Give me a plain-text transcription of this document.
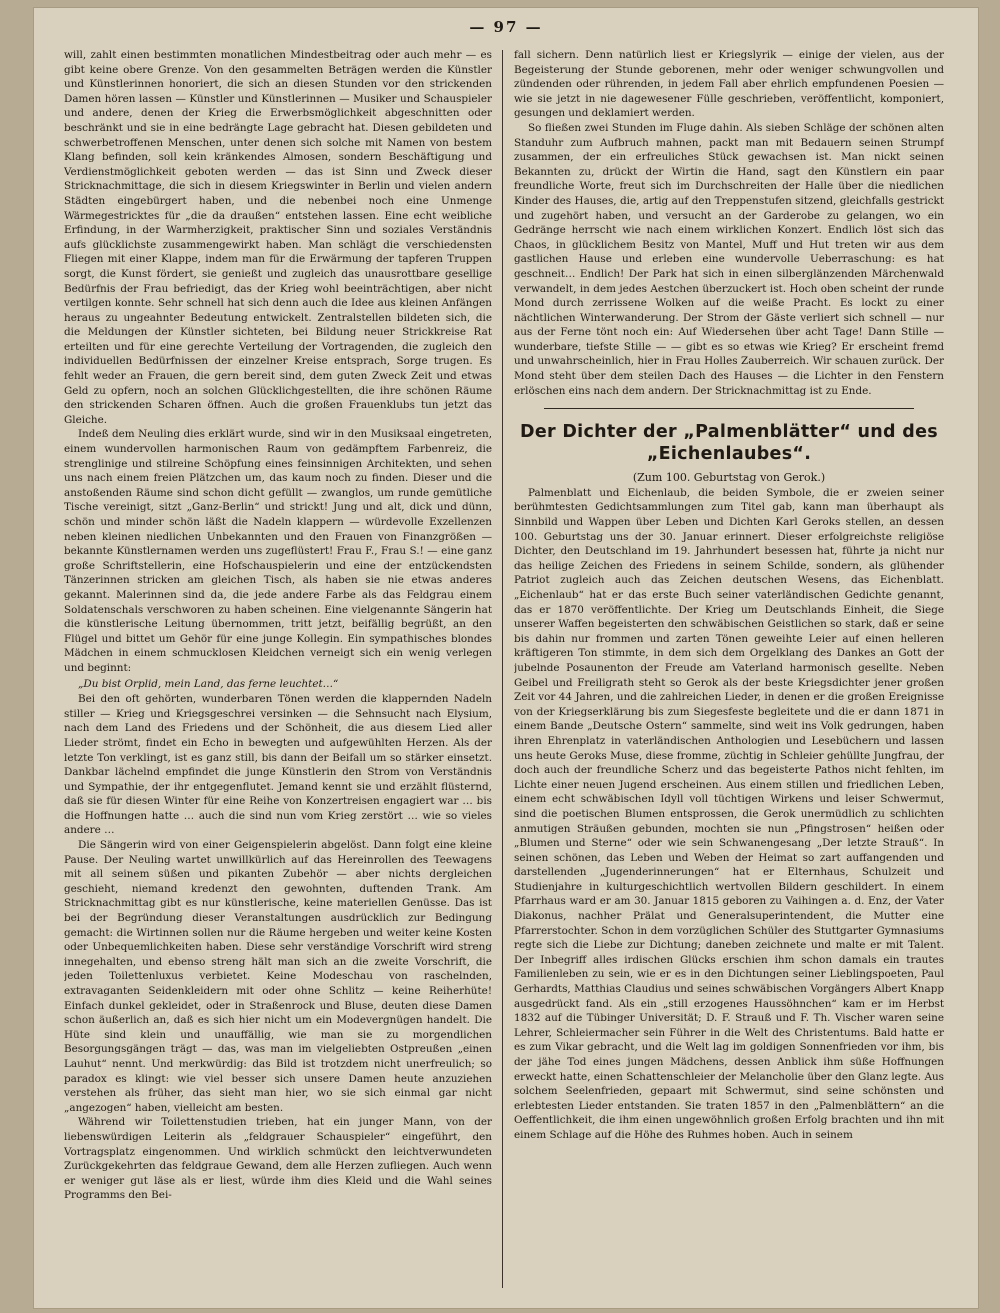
— 97 —

will, zahlt einen bestimmten monatlichen Mindestbeitrag oder auch mehr — es gibt keine obere Grenze. Von den gesammelten Beträgen werden die Künstler und Künstlerinnen honoriert, die sich an diesen Stunden vor den strickenden Damen hören lassen — Künstler und Künstlerinnen — Musiker und Schauspieler und andere, denen der Krieg die Erwerbsmöglichkeit abgeschnitten oder beschränkt und sie in eine bedrängte Lage gebracht hat. Diesen gebildeten und schwerbetroffenen Menschen, unter denen sich solche mit Namen von bestem Klang befinden, soll kein kränkendes Almosen, sondern Beschäftigung und Verdienstmöglichkeit geboten werden — das ist Sinn und Zweck dieser Stricknachmittage, die sich in diesem Kriegswinter in Berlin und vielen andern Städten eingebürgert haben, und die nebenbei noch eine Unmenge Wärmegestricktes für „die da draußen“ entstehen lassen. Eine echt weibliche Erfindung, in der Warmherzigkeit, praktischer Sinn und soziales Verständnis aufs glücklichste zusammengewirkt haben. Man schlägt die verschiedensten Fliegen mit einer Klappe, indem man für die Erwärmung der tapferen Truppen sorgt, die Kunst fördert, sie genießt und zugleich das unausrottbare gesellige Bedürfnis der Frau befriedigt, das der Krieg wohl beeinträchtigen, aber nicht vertilgen konnte. Sehr schnell hat sich denn auch die Idee aus kleinen Anfängen heraus zu ungeahnter Bedeutung entwickelt. Zentralstellen bildeten sich, die die Meldungen der Künstler sichteten, bei Bildung neuer Strickkreise Rat erteilten und für eine gerechte Verteilung der Vortragenden, die zugleich den individuellen Bedürfnissen der einzelner Kreise entsprach, Sorge trugen. Es fehlt weder an Frauen, die gern bereit sind, dem guten Zweck Zeit und etwas Geld zu opfern, noch an solchen Glücklichgestellten, die ihre schönen Räume den strickenden Scharen öffnen. Auch die großen Frauenklubs tun jetzt das Gleiche.

Indeß dem Neuling dies erklärt wurde, sind wir in den Musiksaal eingetreten, einem wundervollen harmonischen Raum von gedämpftem Farbenreiz, die strenglinige und stilreine Schöpfung eines feinsinnigen Architekten, und sehen uns nach einem freien Plätzchen um, das kaum noch zu finden. Dieser und die anstoßenden Räume sind schon dicht gefüllt — zwanglos, um runde gemütliche Tische vereinigt, sitzt „Ganz-Berlin“ und strickt! Jung und alt, dick und dünn, schön und minder schön läßt die Nadeln klappern — würdevolle Exzellenzen neben kleinen niedlichen Unbekannten und den Frauen von Finanzgrößen — bekannte Künstlernamen werden uns zugeflüstert! Frau F., Frau S.! — eine ganz große Schriftstellerin, eine Hofschauspielerin und eine der entzückendsten Tänzerinnen stricken am gleichen Tisch, als haben sie nie etwas anderes gekannt. Malerinnen sind da, die jede andere Farbe als das Feldgrau einem Soldatenschals verschworen zu haben scheinen. Eine vielgenannte Sängerin hat die künstlerische Leitung übernommen, tritt jetzt, beifällig begrüßt, an den Flügel und bittet um Gehör für eine junge Kollegin. Ein sympathisches blondes Mädchen in einem schmucklosen Kleidchen verneigt sich ein wenig verlegen und beginnt:

„Du bist Orplid, mein Land, das ferne leuchtet…“

Bei den oft gehörten, wunderbaren Tönen werden die klappernden Nadeln stiller — Krieg und Kriegsgeschrei versinken — die Sehnsucht nach Elysium, nach dem Land des Friedens und der Schönheit, die aus diesem Lied aller Lieder strömt, findet ein Echo in bewegten und aufgewühlten Herzen. Als der letzte Ton verklingt, ist es ganz still, bis dann der Beifall um so stärker einsetzt. Dankbar lächelnd empfindet die junge Künstlerin den Strom von Verständnis und Sympathie, der ihr entgegenflutet. Jemand kennt sie und erzählt flüsternd, daß sie für diesen Winter für eine Reihe von Konzertreisen engagiert war … bis die Hoffnungen hatte … auch die sind nun vom Krieg zerstört … wie so vieles andere …

Die Sängerin wird von einer Geigenspielerin abgelöst. Dann folgt eine kleine Pause. Der Neuling wartet unwillkürlich auf das Hereinrollen des Teewagens mit all seinem süßen und pikanten Zubehör — aber nichts dergleichen geschieht, niemand kredenzt den gewohnten, duftenden Trank. Am Stricknachmittag gibt es nur künstlerische, keine materiellen Genüsse. Das ist bei der Begründung dieser Veranstaltungen ausdrücklich zur Bedingung gemacht: die Wirtinnen sollen nur die Räume hergeben und weiter keine Kosten oder Unbequemlichkeiten haben. Diese sehr verständige Vorschrift wird streng innegehalten, und ebenso streng hält man sich an die zweite Vorschrift, die jeden Toilettenluxus verbietet. Keine Modeschau von raschelnden, extravaganten Seidenkleidern mit oder ohne Schlitz — keine Reiherhüte! Einfach dunkel gekleidet, oder in Straßenrock und Bluse, deuten diese Damen schon äußerlich an, daß es sich hier nicht um ein Modevergnügen handelt. Die Hüte sind klein und unauffällig, wie man sie zu morgendlichen Besorgungsgängen trägt — das, was man im vielgeliebten Ostpreußen „einen Lauhut“ nennt. Und merkwürdig: das Bild ist trotzdem nicht unerfreulich; so paradox es klingt: wie viel besser sich unsere Damen heute anzuziehen verstehen als früher, das sieht man hier, wo sie sich einmal gar nicht „angezogen“ haben, vielleicht am besten.

Während wir Toilettenstudien trieben, hat ein junger Mann, von der liebenswürdigen Leiterin als „feldgrauer Schauspieler“ eingeführt, den Vortragsplatz eingenommen. Und wirklich schmückt den leichtverwundeten Zurückgekehrten das feldgraue Gewand, dem alle Herzen zufliegen. Auch wenn er weniger gut läse als er liest, würde ihm dies Kleid und die Wahl seines Programms den Bei-

fall sichern. Denn natürlich liest er Kriegslyrik — einige der vielen, aus der Begeisterung der Stunde geborenen, mehr oder weniger schwungvollen und zündenden oder rührenden, in jedem Fall aber ehrlich empfundenen Poesien — wie sie jetzt in nie dagewesener Fülle geschrieben, veröffentlicht, komponiert, gesungen und deklamiert werden.

So fließen zwei Stunden im Fluge dahin. Als sieben Schläge der schönen alten Standuhr zum Aufbruch mahnen, packt man mit Bedauern seinen Strumpf zusammen, der ein erfreuliches Stück gewachsen ist. Man nickt seinen Bekannten zu, drückt der Wirtin die Hand, sagt den Künstlern ein paar freundliche Worte, freut sich im Durchschreiten der Halle über die niedlichen Kinder des Hauses, die, artig auf den Treppenstufen sitzend, gleichfalls gestrickt und zugehört haben, und versucht an der Garderobe zu gelangen, wo ein Gedränge herrscht wie nach einem wirklichen Konzert. Endlich löst sich das Chaos, in glücklichem Besitz von Mantel, Muff und Hut treten wir aus dem gastlichen Hause und erleben eine wundervolle Ueberraschung: es hat geschneit… Endlich! Der Park hat sich in einen silberglänzenden Märchenwald verwandelt, in dem jedes Aestchen überzuckert ist. Hoch oben scheint der runde Mond durch zerrissene Wolken auf die weiße Pracht. Es lockt zu einer nächtlichen Winterwanderung. Der Strom der Gäste verliert sich schnell — nur aus der Ferne tönt noch ein: Auf Wiedersehen über acht Tage! Dann Stille — wunderbare, tiefste Stille — — gibt es so etwas wie Krieg? Er erscheint fremd und unwahrscheinlich, hier in Frau Holles Zauberreich. Wir schauen zurück. Der Mond steht über dem steilen Dach des Hauses — die Lichter in den Fenstern erlöschen eins nach dem andern. Der Stricknachmittag ist zu Ende.

Der Dichter der „Palmenblätter“ und des „Eichenlaubes“.

(Zum 100. Geburtstag von Gerok.)

Palmenblatt und Eichenlaub, die beiden Symbole, die er zweien seiner berühmtesten Gedichtsammlungen zum Titel gab, kann man überhaupt als Sinnbild und Wappen über Leben und Dichten Karl Geroks stellen, an dessen 100. Geburtstag uns der 30. Januar erinnert. Dieser erfolgreichste religiöse Dichter, den Deutschland im 19. Jahrhundert besessen hat, führte ja nicht nur das heilige Zeichen des Friedens in seinem Schilde, sondern, als glühender Patriot zugleich auch das Zeichen deutschen Wesens, das Eichenblatt. „Eichenlaub“ hat er das erste Buch seiner vaterländischen Gedichte genannt, das er 1870 veröffentlichte. Der Krieg um Deutschlands Einheit, die Siege unserer Waffen begeisterten den schwäbischen Geistlichen so stark, daß er seine bis dahin nur frommen und zarten Tönen geweihte Leier auf einen helleren kräftigeren Ton stimmte, in dem sich dem Orgelklang des Dankes an Gott der jubelnde Posaunenton der Freude am Vaterland harmonisch gesellte. Neben Geibel und Freiligrath steht so Gerok als der beste Kriegsdichter jener großen Zeit vor 44 Jahren, und die zahlreichen Lieder, in denen er die großen Ereignisse von der Kriegserklärung bis zum Siegesfeste begleitete und die er dann 1871 in einem Bande „Deutsche Ostern“ sammelte, sind weit ins Volk gedrungen, haben ihren Ehrenplatz in vaterländischen Anthologien und Lesebüchern und lassen uns heute Geroks Muse, diese fromme, züchtig in Schleier gehüllte Jungfrau, der doch auch der freundliche Scherz und das begeisterte Pathos nicht fehlten, im Lichte einer neuen Jugend erscheinen. Aus einem stillen und friedlichen Leben, einem echt schwäbischen Idyll voll tüchtigen Wirkens und leiser Schwermut, sind die poetischen Blumen entsprossen, die Gerok unermüdlich zu schlichten anmutigen Sträußen gebunden, mochten sie nun „Pfingstrosen“ heißen oder „Blumen und Sterne“ oder wie sein Schwanengesang „Der letzte Strauß“. In seinen schönen, das Leben und Weben der Heimat so zart auffangenden und darstellenden „Jugenderinnerungen“ hat er Elternhaus, Schulzeit und Studienjahre in kulturgeschichtlich wertvollen Bildern geschildert. In einem Pfarrhaus ward er am 30. Januar 1815 geboren zu Vaihingen a. d. Enz, der Vater Diakonus, nachher Prälat und Generalsuperintendent, die Mutter eine Pfarrerstochter. Schon in dem vorzüglichen Schüler des Stuttgarter Gymnasiums regte sich die Liebe zur Dichtung; daneben zeichnete und malte er mit Talent. Der Inbegriff alles irdischen Glücks erschien ihm schon damals ein trautes Familienleben zu sein, wie er es in den Dichtungen seiner Lieblingspoeten, Paul Gerhardts, Matthias Claudius und seines schwäbischen Vorgängers Albert Knapp ausgedrückt fand. Als ein „still erzogenes Haussöhnchen“ kam er im Herbst 1832 auf die Tübinger Universität; D. F. Strauß und F. Th. Vischer waren seine Lehrer, Schleiermacher sein Führer in die Welt des Christentums. Bald hatte er es zum Vikar gebracht, und die Welt lag im goldigen Sonnenfrieden vor ihm, bis der jähe Tod eines jungen Mädchens, dessen Anblick ihm süße Hoffnungen erweckt hatte, einen Schattenschleier der Melancholie über den Glanz legte. Aus solchem Seelenfrieden, gepaart mit Schwermut, sind seine schönsten und erlebtesten Lieder entstanden. Sie traten 1857 in den „Palmenblättern“ an die Oeffentlichkeit, die ihm einen ungewöhnlich großen Erfolg brachten und ihn mit einem Schlage auf die Höhe des Ruhmes hoben. Auch in seinem
